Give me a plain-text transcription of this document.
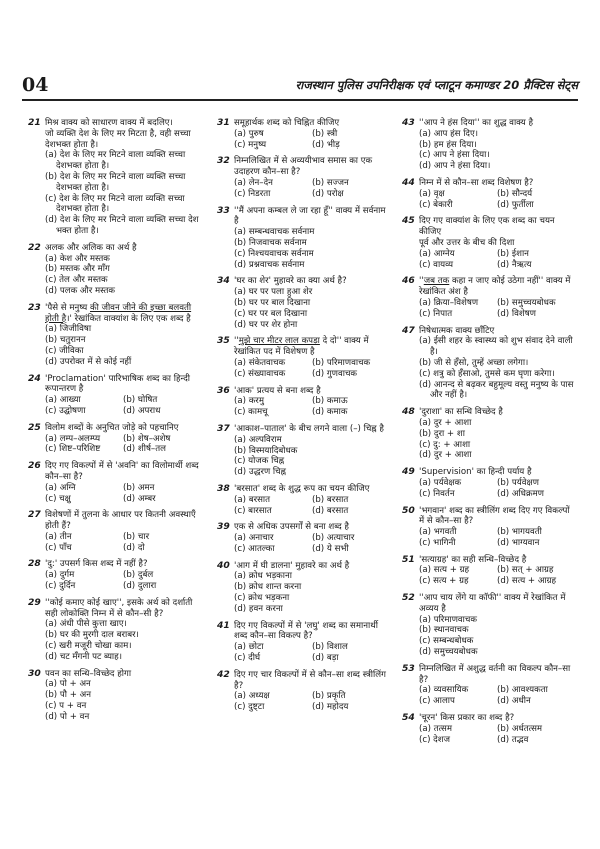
04	राजस्थान पुलिस उपनिरीक्षक एवं प्लाटून कमाण्डर 20 प्रैक्टिस सेट्स
21 मिश्र वाक्य को साधारण वाक्य में बदलिए।
जो व्यक्ति देश के लिए मर मिटता है, वही सच्चा देशभक्त होता है।
(a) देश के लिए मर मिटने वाला व्यक्ति सच्चा देशभक्त होता है।
(b) देश के लिए मर मिटने वाला व्यक्ति सच्चा देशभक्त होता है।
(c) देश के लिए मर मिटने वाला व्यक्ति सच्चा देशभक्त होता है।
(d) देश के लिए मर मिटने वाला व्यक्ति सच्चा देश भक्त होता है।
22 अलक और अलिक का अर्थ है
(a) केश और मस्तक
(b) मस्तक और माँग
(c) तेल और मस्तक
(d) पलक और मस्तक
23 'पैसे से मनुष्य की जीवन जीने की इच्छा बलवती होती है।' रेखांकित वाक्यांश के लिए एक शब्द है
(a) जिजीविषा
(b) चतुरानन
(c) जीविका
(d) उपरोक्त में से कोई नहीं
24 'Proclamation' पारिभाषिक शब्द का हिन्दी रूपान्तरण है
(a) आख्या	(b) घोषित
(c) उद्घोषणा	(d) अपराध
25 विलोम शब्दों के अनुचित जोड़े को पहचानिए
(a) लम्प–अलम्प्य	(b) शेष–अशेष
(c) शिष्ट–परिशिष्ट	(d) शीर्ष–तल
26 दिए गए विकल्पों में से 'अवनि' का विलोमार्थी शब्द कौन–सा है?
(a) अग्नि	(b) अमन
(c) चक्षु	(d) अम्बर
27 विशेषणों में तुलना के आधार पर कितनी अवस्थाएँ होती हैं?
(a) तीन	(b) चार
(c) पाँच	(d) दो
28 'दु:' उपसर्ग किस शब्द में नहीं है?
(a) दुर्गम	(b) दुर्बल
(c) दुर्दिन	(d) दुलारा
29 ''कोई कमाए कोई खाए'', इसके अर्थ को दर्शाती सही लोकोक्ति निम्न में से कौन–सी है?
(a) अंधी पीसे कुत्ता खाए।
(b) घर की मुरगी दाल बराबर।
(c) खरी मजूरी चोखा काम।
(d) चट मँगनी पट ब्याह।
30 पवन का सन्धि–विच्छेद होगा
(a) पो + अन
(b) पौ + अन
(c) प + वन
(d) पो + वन
31 समूहार्थक शब्द को चिह्नित कीजिए
(a) पुरुष	(b) स्त्री
(c) मनुष्य	(d) भीड़
32 निम्नलिखित में से अव्ययीभाव समास का एक उदाहरण कौन–सा है?
(a) लेन–देन	(b) सज्जन
(c) निडरता	(d) परोक्ष
33 ''मैं अपना कम्बल ले जा रहा हूँ'' वाक्य में सर्वनाम है
(a) सम्बन्धवाचक सर्वनाम
(b) निजवाचक सर्वनाम
(c) निश्चयवाचक सर्वनाम
(d) प्रश्नवाचक सर्वनाम
34 'घर का शेर' मुहावरे का क्या अर्थ है?
(a) घर पर पला हुआ शेर
(b) घर पर बाल दिखाना
(c) घर पर बल दिखाना
(d) घर पर शेर होना
35 ''मुझे चार मीटर लाल कपड़ा दे दो'' वाक्य में रेखांकित पद में विशेषण है
(a) संकेतवाचक	(b) परिमाणवाचक
(c) संख्यावाचक	(d) गुणवाचक
36 'आक' प्रत्यय से बना शब्द है
(a) करमु	(b) कमाऊ
(c) कामचू	(d) कमाक
37 'आकाश–पाताल' के बीच लगने वाला (–) चिह्न है
(a) अल्पविराम
(b) विस्मयादिबोधक
(c) योजक चिह्न
(d) उद्धरण चिह्न
38 'बरसात' शब्द के शुद्ध रूप का चयन कीजिए
(a) बरसात	(b) बरसात
(c) बारसात	(d) बरसात
39 एक से अधिक उपसर्गों से बना शब्द है
(a) अनाचार	(b) अत्याचार
(c) आतल्का	(d) ये सभी
40 'आग में घी डालना' मुहावरे का अर्थ है
(a) क्रोध भड़काना
(b) क्रोध शान्त करना
(c) क्रोध भड़कना
(d) हवन करना
41 दिए गए विकल्पों में से 'लघु' शब्द का समानार्थी शब्द कौन–सा विकल्प है?
(a) छोटा	(b) विशाल
(c) दीर्घ	(d) बड़ा
42 दिए गए चार विकल्पों में से कौन–सा शब्द स्त्रीलिंग है?
(a) अध्यक्ष	(b) प्रकृति
(c) दुष्ट्टा	(d) महोदय
43 ''आप ने हंस दिया'' का शुद्ध वाक्य है
(a) आप हंस दिए।
(b) हम हंस दिया।
(c) आप ने हंसा दिया।
(d) आप ने हंसा दिया।
44 निम्न में से कौन–सा शब्द विशेषण है?
(a) वृक्ष	(b) सौन्दर्य
(c) बेकारी	(d) फुर्तीला
45 दिए गए वाक्यांश के लिए एक शब्द का चयन कीजिए
पूर्व और उत्तर के बीच की दिशा
(a) आग्नेय	(b) ईशान
(c) वायव्य	(d) नैऋत्य
46 ''जब तक कहा न जाए कोई उठेगा नहीं'' वाक्य में रेखांकित अंश है
(a) क्रिया–विशेषण	(b) समुच्चयबोधक
(c) निपात	(d) विशेषण
47 निषेधात्मक वाक्य छाँटिए
(a) ईसी शहर के स्वास्थ्य को शुभ संवाद देने वाली है।
(b) जी से हँसो, तुम्हें अच्छा लगेगा।
(c) शत्रु को हँसाओ, तुमसे कम घृणा करेगा।
(d) आनन्द से बढ़कर बहुमूल्य वस्तु मनुष्य के पास और नहीं है।
48 'दुराशा' का सन्धि विच्छेद है
(a) दुर + आशा
(b) दुरा + शा
(c) दु: + आशा
(d) दुर + आशा
49 'Supervision' का हिन्दी पर्याय है
(a) पर्यवेक्षक	(b) पर्यवेक्षण
(c) निवर्तन	(d) अधिक्रमण
50 'भगवान' शब्द का स्त्रीलिंग शब्द दिए गए विकल्पों में से कौन–सा है?
(a) भगवती	(b) भागयवती
(c) भागिनी	(d) भाग्यवान
51 'सत्याग्रह' का सही सन्धि–विच्छेद है
(a) सत्य + ग्रह	(b) सत् + आग्रह
(c) सत्य + ग्रह	(d) सत्य + आग्रह
52 ''आप चाय लेंगे या कॉफी'' वाक्य में रेखांकित में अव्यय है
(a) परिमाणवाचक
(b) स्थानवाचक
(c) सम्बन्धबोधक
(d) समुच्चयबोधक
53 निम्नलिखित में अशुद्ध वर्तनी का विकल्प कौन–सा है?
(a) व्यवसायिक	(b) आवश्यकता
(c) आलाप	(d) अधीन
54 'चूरन' किस प्रकार का शब्द है?
(a) तत्सम	(b) अर्धतत्सम
(c) देशज	(d) तद्भव
